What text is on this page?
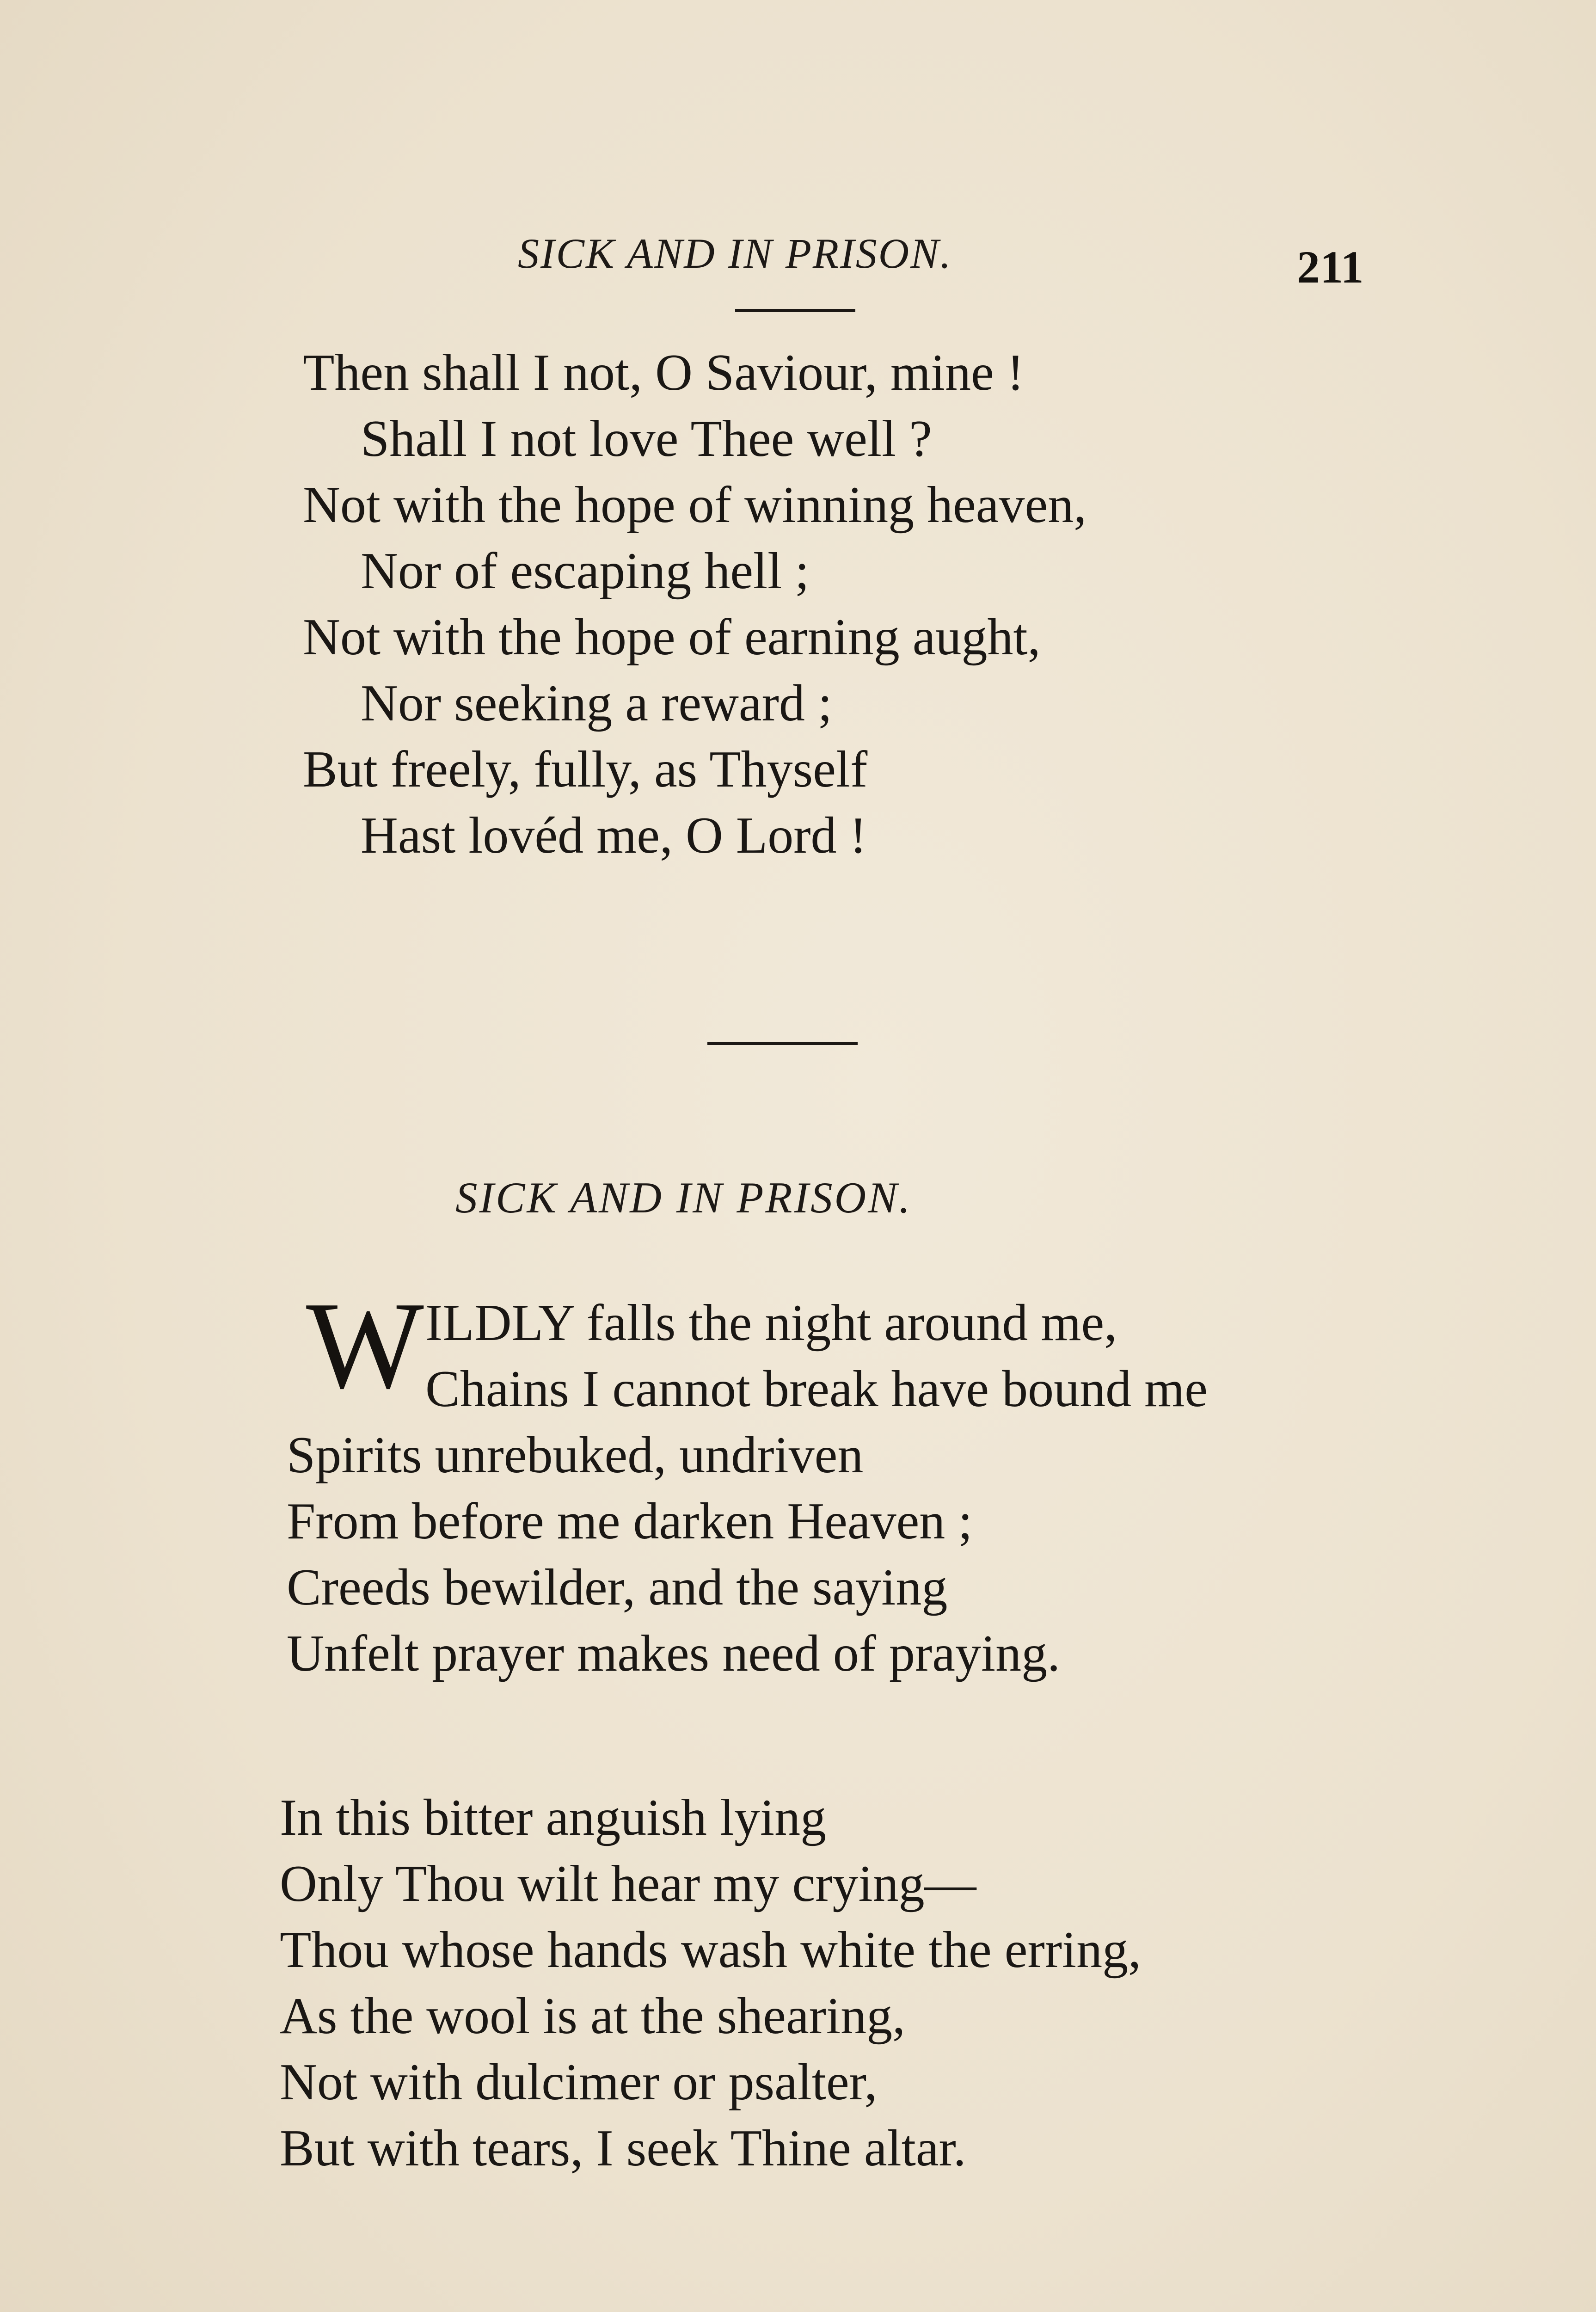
SICK AND IN PRISON.	211
Then shall I not, O Saviour, mine !
Shall I not love Thee well ?
Not with the hope of winning heaven,
Nor of escaping hell ;
Not with the hope of earning aught,
Nor seeking a reward ;
But freely, fully, as Thyself
Hast lovéd me, O Lord !
SICK AND IN PRISON.
W ILDLY falls the night around me,
Chains I cannot break have bound me
Spirits unrebuked, undriven
From before me darken Heaven ;
Creeds bewilder, and the saying
Unfelt prayer makes need of praying.
In this bitter anguish lying
Only Thou wilt hear my crying—
Thou whose hands wash white the erring,
As the wool is at the shearing,
Not with dulcimer or psalter,
But with tears, I seek Thine altar.
